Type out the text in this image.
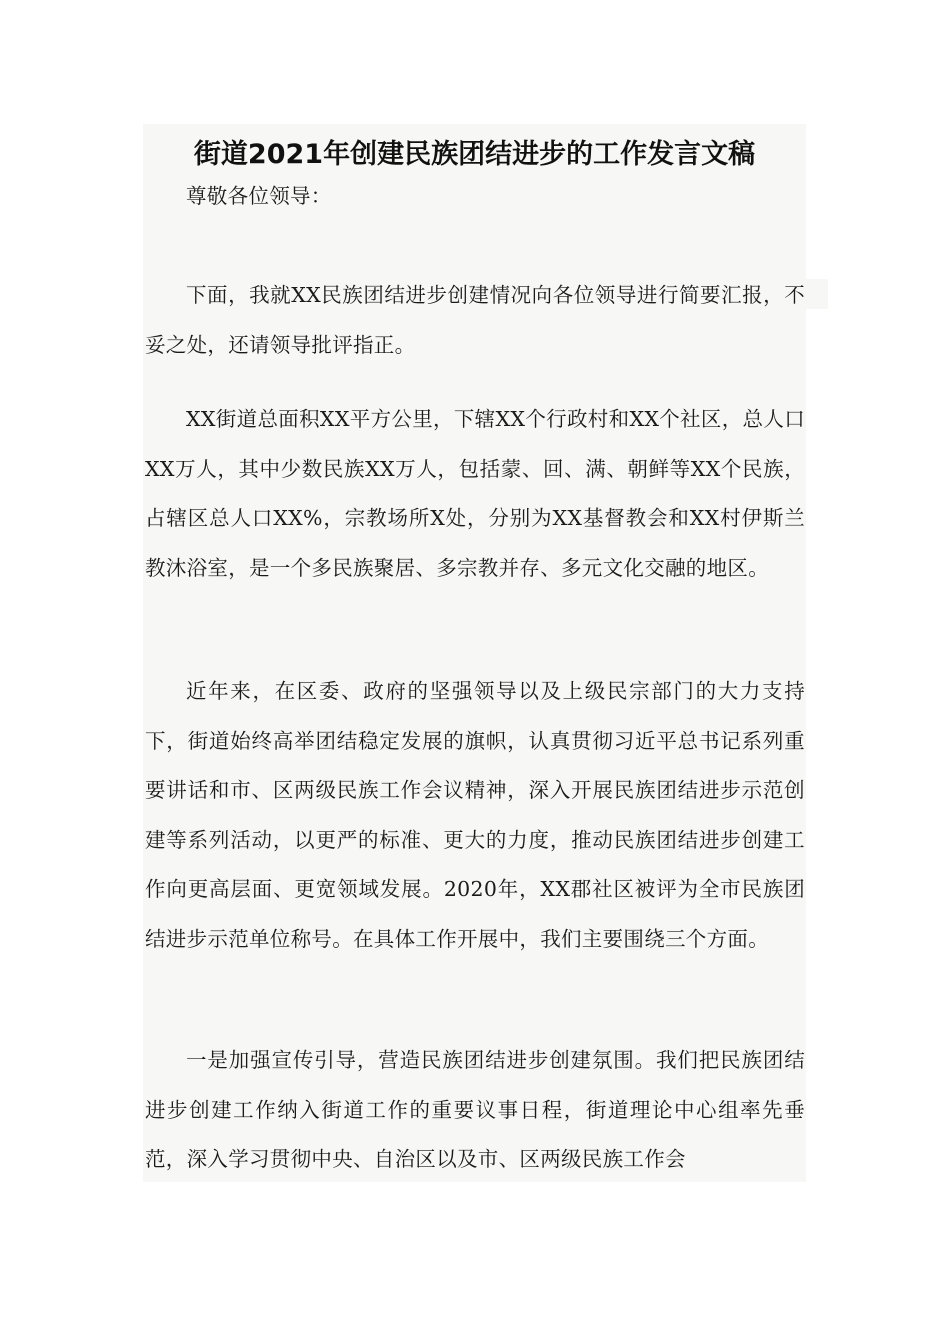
街道2021年创建民族团结进步的工作发言文稿

尊敬各位领导：

下面，我就XX民族团结进步创建情况向各位领导进行简要汇报，不妥之处，还请领导批评指正。

XX街道总面积XX平方公里，下辖XX个行政村和XX个社区，总人口XX万人，其中少数民族XX万人，包括蒙、回、满、朝鲜等XX个民族，占辖区总人口XX%，宗教场所X处，分别为XX基督教会和XX村伊斯兰教沐浴室，是一个多民族聚居、多宗教并存、多元文化交融的地区。

近年来，在区委、政府的坚强领导以及上级民宗部门的大力支持下，街道始终高举团结稳定发展的旗帜，认真贯彻习近平总书记系列重要讲话和市、区两级民族工作会议精神，深入开展民族团结进步示范创建等系列活动，以更严的标准、更大的力度，推动民族团结进步创建工作向更高层面、更宽领域发展。2020年，XX郡社区被评为全市民族团结进步示范单位称号。在具体工作开展中，我们主要围绕三个方面。

一是加强宣传引导，营造民族团结进步创建氛围。我们把民族团结进步创建工作纳入街道工作的重要议事日程，街道理论中心组率先垂范，深入学习贯彻中央、自治区以及市、区两级民族工作会
